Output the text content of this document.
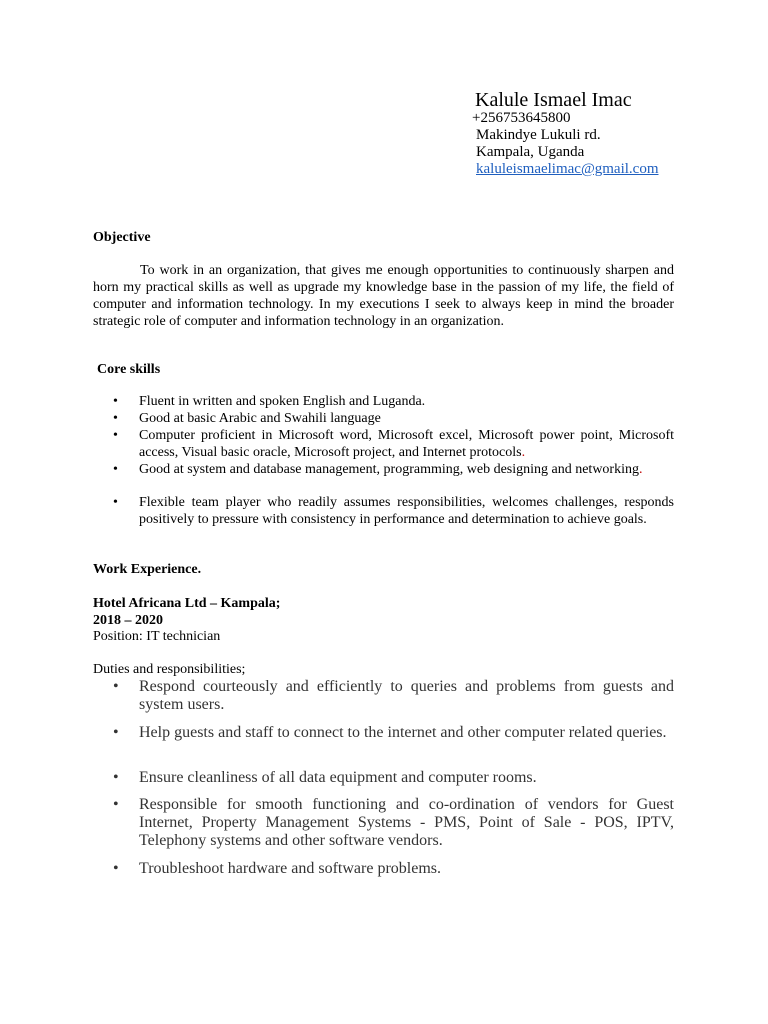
Kalule Ismael Imac
+256753645800
Makindye Lukuli rd.
Kampala, Uganda
kaluleismaelimac@gmail.com
Objective
To work in an organization, that gives me enough opportunities to continuously sharpen and horn my practical skills as well as upgrade my knowledge base in the passion of my life, the field of computer and information technology. In my executions I seek to always keep in mind the broader strategic role of computer and information technology in an organization.
Core skills
• Fluent in written and spoken English and Luganda.
• Good at basic Arabic and Swahili language
• Computer proficient in Microsoft word, Microsoft excel, Microsoft power point, Microsoft access, Visual basic oracle, Microsoft project, and Internet protocols.
• Good at system and database management, programming, web designing and networking.
• Flexible team player who readily assumes responsibilities, welcomes challenges, responds positively to pressure with consistency in performance and determination to achieve goals.
Work Experience.
Hotel Africana Ltd – Kampala;
2018 – 2020
Position: IT technician
Duties and responsibilities;
• Respond courteously and efficiently to queries and problems from guests and system users.
• Help guests and staff to connect to the internet and other computer related queries.
• Ensure cleanliness of all data equipment and computer rooms.
• Responsible for smooth functioning and co-ordination of vendors for Guest Internet, Property Management Systems - PMS, Point of Sale - POS, IPTV, Telephony systems and other software vendors.
• Troubleshoot hardware and software problems.
